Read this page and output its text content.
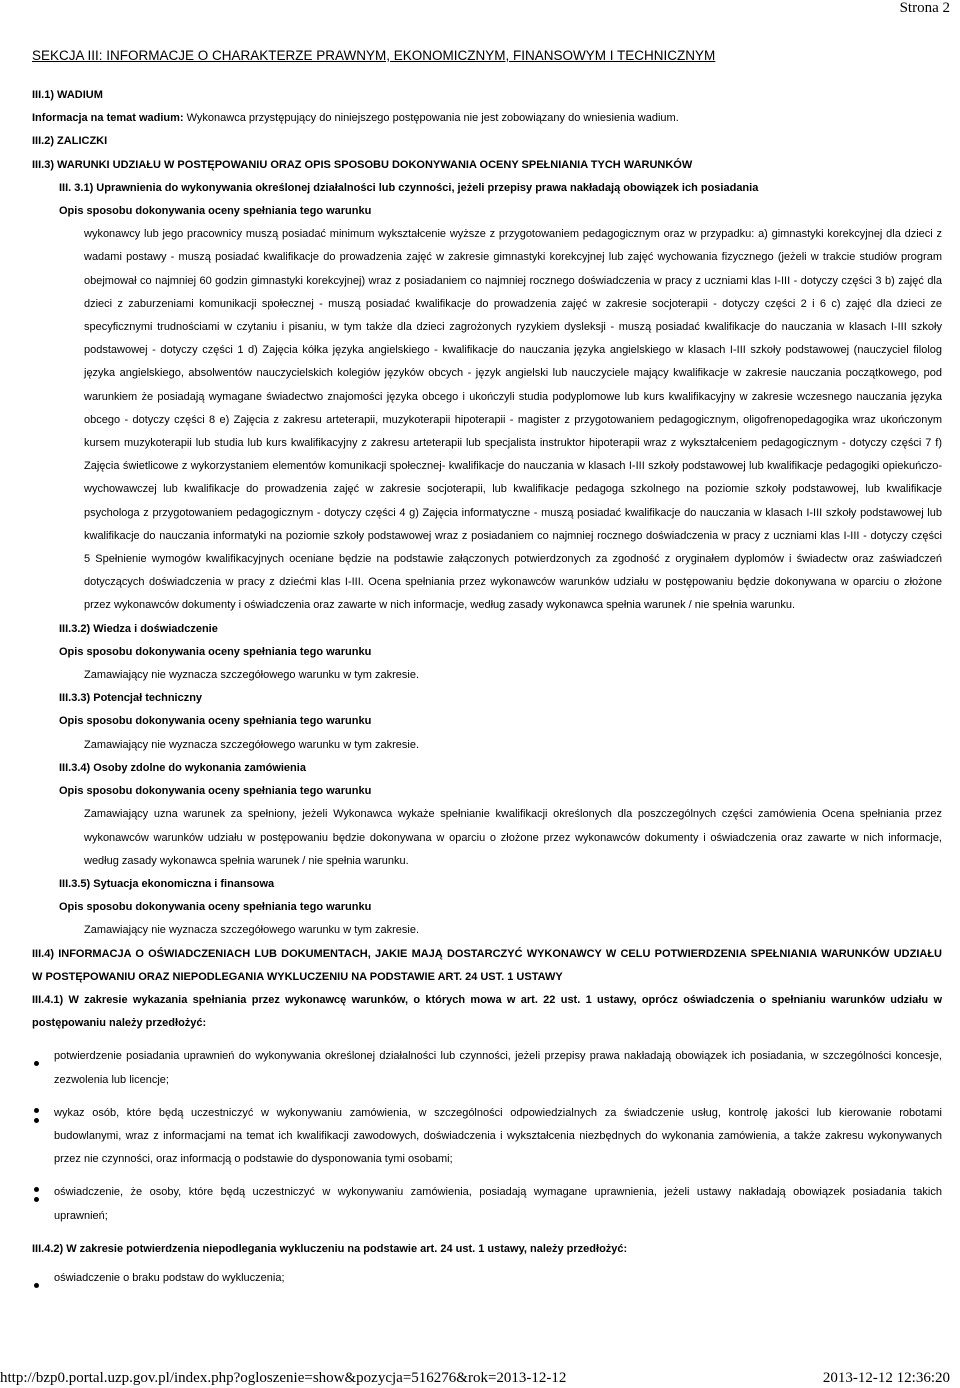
Strona 2
SEKCJA III: INFORMACJE O CHARAKTERZE PRAWNYM, EKONOMICZNYM, FINANSOWYM I TECHNICZNYM
III.1) WADIUM
Informacja na temat wadium: Wykonawca przystępujący do niniejszego postępowania nie jest zobowiązany do wniesienia wadium.
III.2) ZALICZKI
III.3) WARUNKI UDZIAŁU W POSTĘPOWANIU ORAZ OPIS SPOSOBU DOKONYWANIA OCENY SPEŁNIANIA TYCH WARUNKÓW
III. 3.1) Uprawnienia do wykonywania określonej działalności lub czynności, jeżeli przepisy prawa nakładają obowiązek ich posiadania
Opis sposobu dokonywania oceny spełniania tego warunku
wykonawcy lub jego pracownicy muszą posiadać minimum wykształcenie wyższe z przygotowaniem pedagogicznym oraz w przypadku: a) gimnastyki korekcyjnej dla dzieci z
wadami postawy - muszą posiadać kwalifikacje do prowadzenia zajęć w zakresie gimnastyki korekcyjnej lub zajęć wychowania fizycznego (jeżeli w trakcie studiów program
obejmował co najmniej 60 godzin gimnastyki korekcyjnej) wraz z posiadaniem co najmniej rocznego doświadczenia w pracy z uczniami klas I-III - dotyczy części 3 b) zajęć dla
dzieci z zaburzeniami komunikacji społecznej - muszą posiadać kwalifikacje do prowadzenia zajęć w zakresie socjoterapii - dotyczy części 2 i 6 c) zajęć dla dzieci ze
specyficznymi trudnościami w czytaniu i pisaniu, w tym także dla dzieci zagrożonych ryzykiem dysleksji - muszą posiadać kwalifikacje do nauczania w klasach I-III szkoły
podstawowej - dotyczy części 1 d) Zajęcia kółka języka angielskiego - kwalifikacje do nauczania języka angielskiego w klasach I-III szkoły podstawowej (nauczyciel filolog
języka angielskiego, absolwentów nauczycielskich kolegiów języków obcych - język angielski lub nauczyciele mający kwalifikacje w zakresie nauczania początkowego, pod
warunkiem że posiadają wymagane świadectwo znajomości języka obcego i ukończyli studia podyplomowe lub kurs kwalifikacyjny w zakresie wczesnego nauczania języka
obcego - dotyczy części 8 e) Zajęcia z zakresu arteterapii, muzykoterapii hipoterapii - magister z przygotowaniem pedagogicznym, oligofrenopedagogika wraz ukończonym
kursem muzykoterapii lub studia lub kurs kwalifikacyjny z zakresu arteterapii lub specjalista instruktor hipoterapii wraz z wykształceniem pedagogicznym - dotyczy części 7 f)
Zajęcia świetlicowe z wykorzystaniem elementów komunikacji społecznej- kwalifikacje do nauczania w klasach I-III szkoły podstawowej lub kwalifikacje pedagogiki opiekuńczo-
wychowawczej lub kwalifikacje do prowadzenia zajęć w zakresie socjoterapii, lub kwalifikacje pedagoga szkolnego na poziomie szkoły podstawowej, lub kwalifikacje
psychologa z przygotowaniem pedagogicznym - dotyczy części 4 g) Zajęcia informatyczne - muszą posiadać kwalifikacje do nauczania w klasach I-III szkoły podstawowej lub
kwalifikacje do nauczania informatyki na poziomie szkoły podstawowej wraz z posiadaniem co najmniej rocznego doświadczenia w pracy z uczniami klas I-III - dotyczy części
5 Spełnienie wymogów kwalifikacyjnych oceniane będzie na podstawie załączonych potwierdzonych za zgodność z oryginałem dyplomów i świadectw oraz zaświadczeń
dotyczących doświadczenia w pracy z dziećmi klas I-III. Ocena spełniania przez wykonawców warunków udziału w postępowaniu będzie dokonywana w oparciu o złożone
przez wykonawców dokumenty i oświadczenia oraz zawarte w nich informacje, według zasady wykonawca spełnia warunek / nie spełnia warunku.
III.3.2) Wiedza i doświadczenie
Opis sposobu dokonywania oceny spełniania tego warunku
Zamawiający nie wyznacza szczegółowego warunku w tym zakresie.
III.3.3) Potencjał techniczny
Opis sposobu dokonywania oceny spełniania tego warunku
Zamawiający nie wyznacza szczegółowego warunku w tym zakresie.
III.3.4) Osoby zdolne do wykonania zamówienia
Opis sposobu dokonywania oceny spełniania tego warunku
Zamawiający uzna warunek za spełniony, jeżeli Wykonawca wykaże spełnianie kwalifikacji określonych dla poszczególnych części zamówienia Ocena spełniania przez
wykonawców warunków udziału w postępowaniu będzie dokonywana w oparciu o złożone przez wykonawców dokumenty i oświadczenia oraz zawarte w nich informacje,
według zasady wykonawca spełnia warunek / nie spełnia warunku.
III.3.5) Sytuacja ekonomiczna i finansowa
Opis sposobu dokonywania oceny spełniania tego warunku
Zamawiający nie wyznacza szczegółowego warunku w tym zakresie.
III.4) INFORMACJA O OŚWIADCZENIACH LUB DOKUMENTACH, JAKIE MAJĄ DOSTARCZYĆ WYKONAWCY W CELU POTWIERDZENIA SPEŁNIANIA WARUNKÓW UDZIAŁU
W POSTĘPOWANIU ORAZ NIEPODLEGANIA WYKLUCZENIU NA PODSTAWIE ART. 24 UST. 1 USTAWY
III.4.1) W zakresie wykazania spełniania przez wykonawcę warunków, o których mowa w art. 22 ust. 1 ustawy, oprócz oświadczenia o spełnianiu warunków udziału w
postępowaniu należy przedłożyć:
potwierdzenie posiadania uprawnień do wykonywania określonej działalności lub czynności, jeżeli przepisy prawa nakładają obowiązek ich posiadania, w szczególności koncesje,
zezwolenia lub licencje;
wykaz osób, które będą uczestniczyć w wykonywaniu zamówienia, w szczególności odpowiedzialnych za świadczenie usług, kontrolę jakości lub kierowanie robotami
budowlanymi, wraz z informacjami na temat ich kwalifikacji zawodowych, doświadczenia i wykształcenia niezbędnych do wykonania zamówienia, a także zakresu wykonywanych
przez nie czynności, oraz informacją o podstawie do dysponowania tymi osobami;
oświadczenie, że osoby, które będą uczestniczyć w wykonywaniu zamówienia, posiadają wymagane uprawnienia, jeżeli ustawy nakładają obowiązek posiadania takich
uprawnień;
III.4.2) W zakresie potwierdzenia niepodlegania wykluczeniu na podstawie art. 24 ust. 1 ustawy, należy przedłożyć:
oświadczenie o braku podstaw do wykluczenia;
http://bzp0.portal.uzp.gov.pl/index.php?ogloszenie=show&pozycja=516276&rok=2013-12-12	2013-12-12 12:36:20
